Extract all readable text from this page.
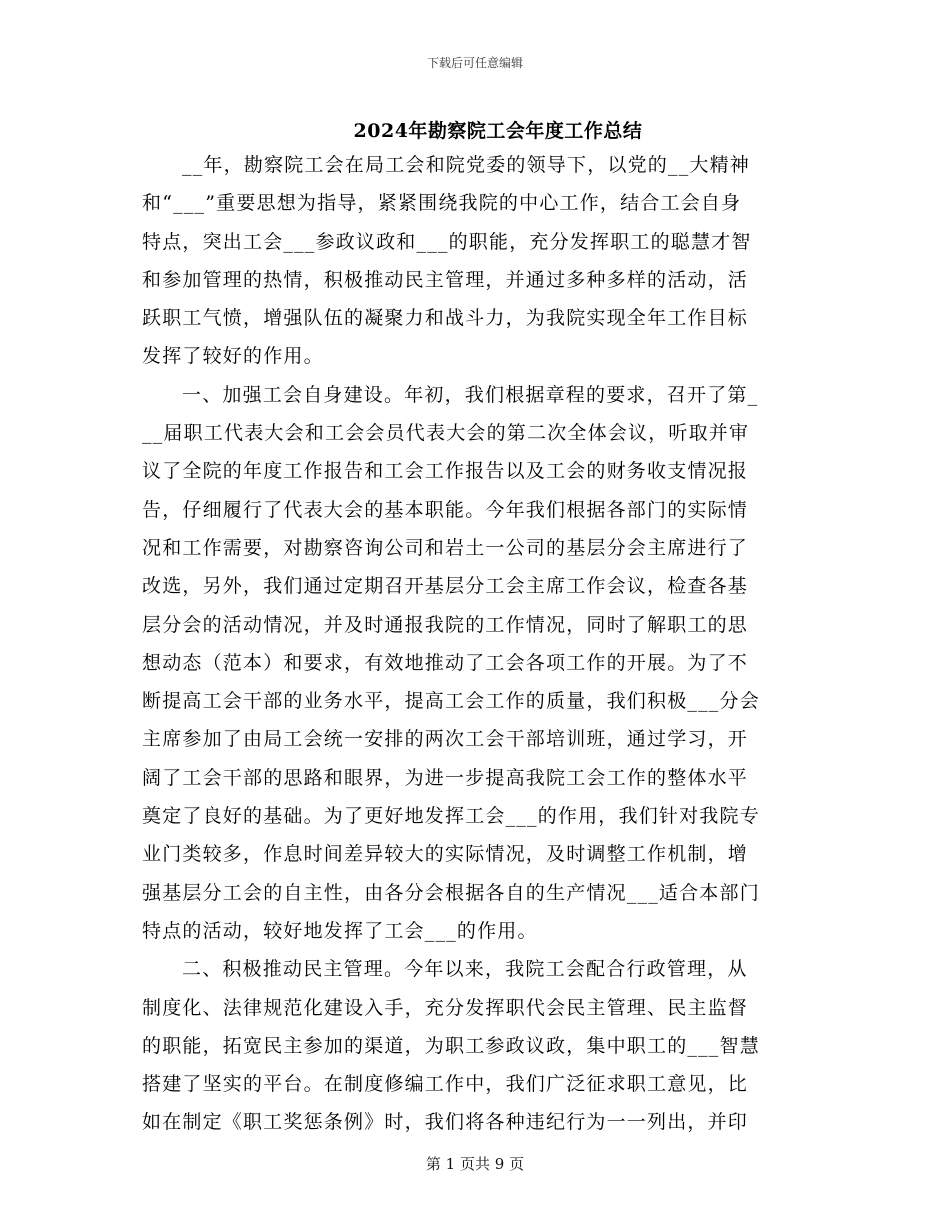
下载后可任意编辑
2024年勘察院工会年度工作总结
__年，勘察院工会在局工会和院党委的领导下，以党的__大精神
和“___”重要思想为指导，紧紧围绕我院的中心工作，结合工会自身
特点，突出工会___参政议政和___的职能，充分发挥职工的聪慧才智
和参加管理的热情，积极推动民主管理，并通过多种多样的活动，活
跃职工气愤，增强队伍的凝聚力和战斗力，为我院实现全年工作目标
发挥了较好的作用。
一、加强工会自身建设。年初，我们根据章程的要求，召开了第_
__届职工代表大会和工会会员代表大会的第二次全体会议，听取并审
议了全院的年度工作报告和工会工作报告以及工会的财务收支情况报
告，仔细履行了代表大会的基本职能。今年我们根据各部门的实际情
况和工作需要，对勘察咨询公司和岩土一公司的基层分会主席进行了
改选，另外，我们通过定期召开基层分工会主席工作会议，检查各基
层分会的活动情况，并及时通报我院的工作情况，同时了解职工的思
想动态（范本）和要求，有效地推动了工会各项工作的开展。为了不
断提高工会干部的业务水平，提高工会工作的质量，我们积极___分会
主席参加了由局工会统一安排的两次工会干部培训班，通过学习，开
阔了工会干部的思路和眼界，为进一步提高我院工会工作的整体水平
奠定了良好的基础。为了更好地发挥工会___的作用，我们针对我院专
业门类较多，作息时间差异较大的实际情况，及时调整工作机制，增
强基层分工会的自主性，由各分会根据各自的生产情况___适合本部门
特点的活动，较好地发挥了工会___的作用。
二、积极推动民主管理。今年以来，我院工会配合行政管理，从
制度化、法律规范化建设入手，充分发挥职代会民主管理、民主监督
的职能，拓宽民主参加的渠道，为职工参政议政，集中职工的___智慧
搭建了坚实的平台。在制度修编工作中，我们广泛征求职工意见，比
如在制定《职工奖惩条例》时，我们将各种违纪行为一一列出，并印
第 1 页共 9 页
